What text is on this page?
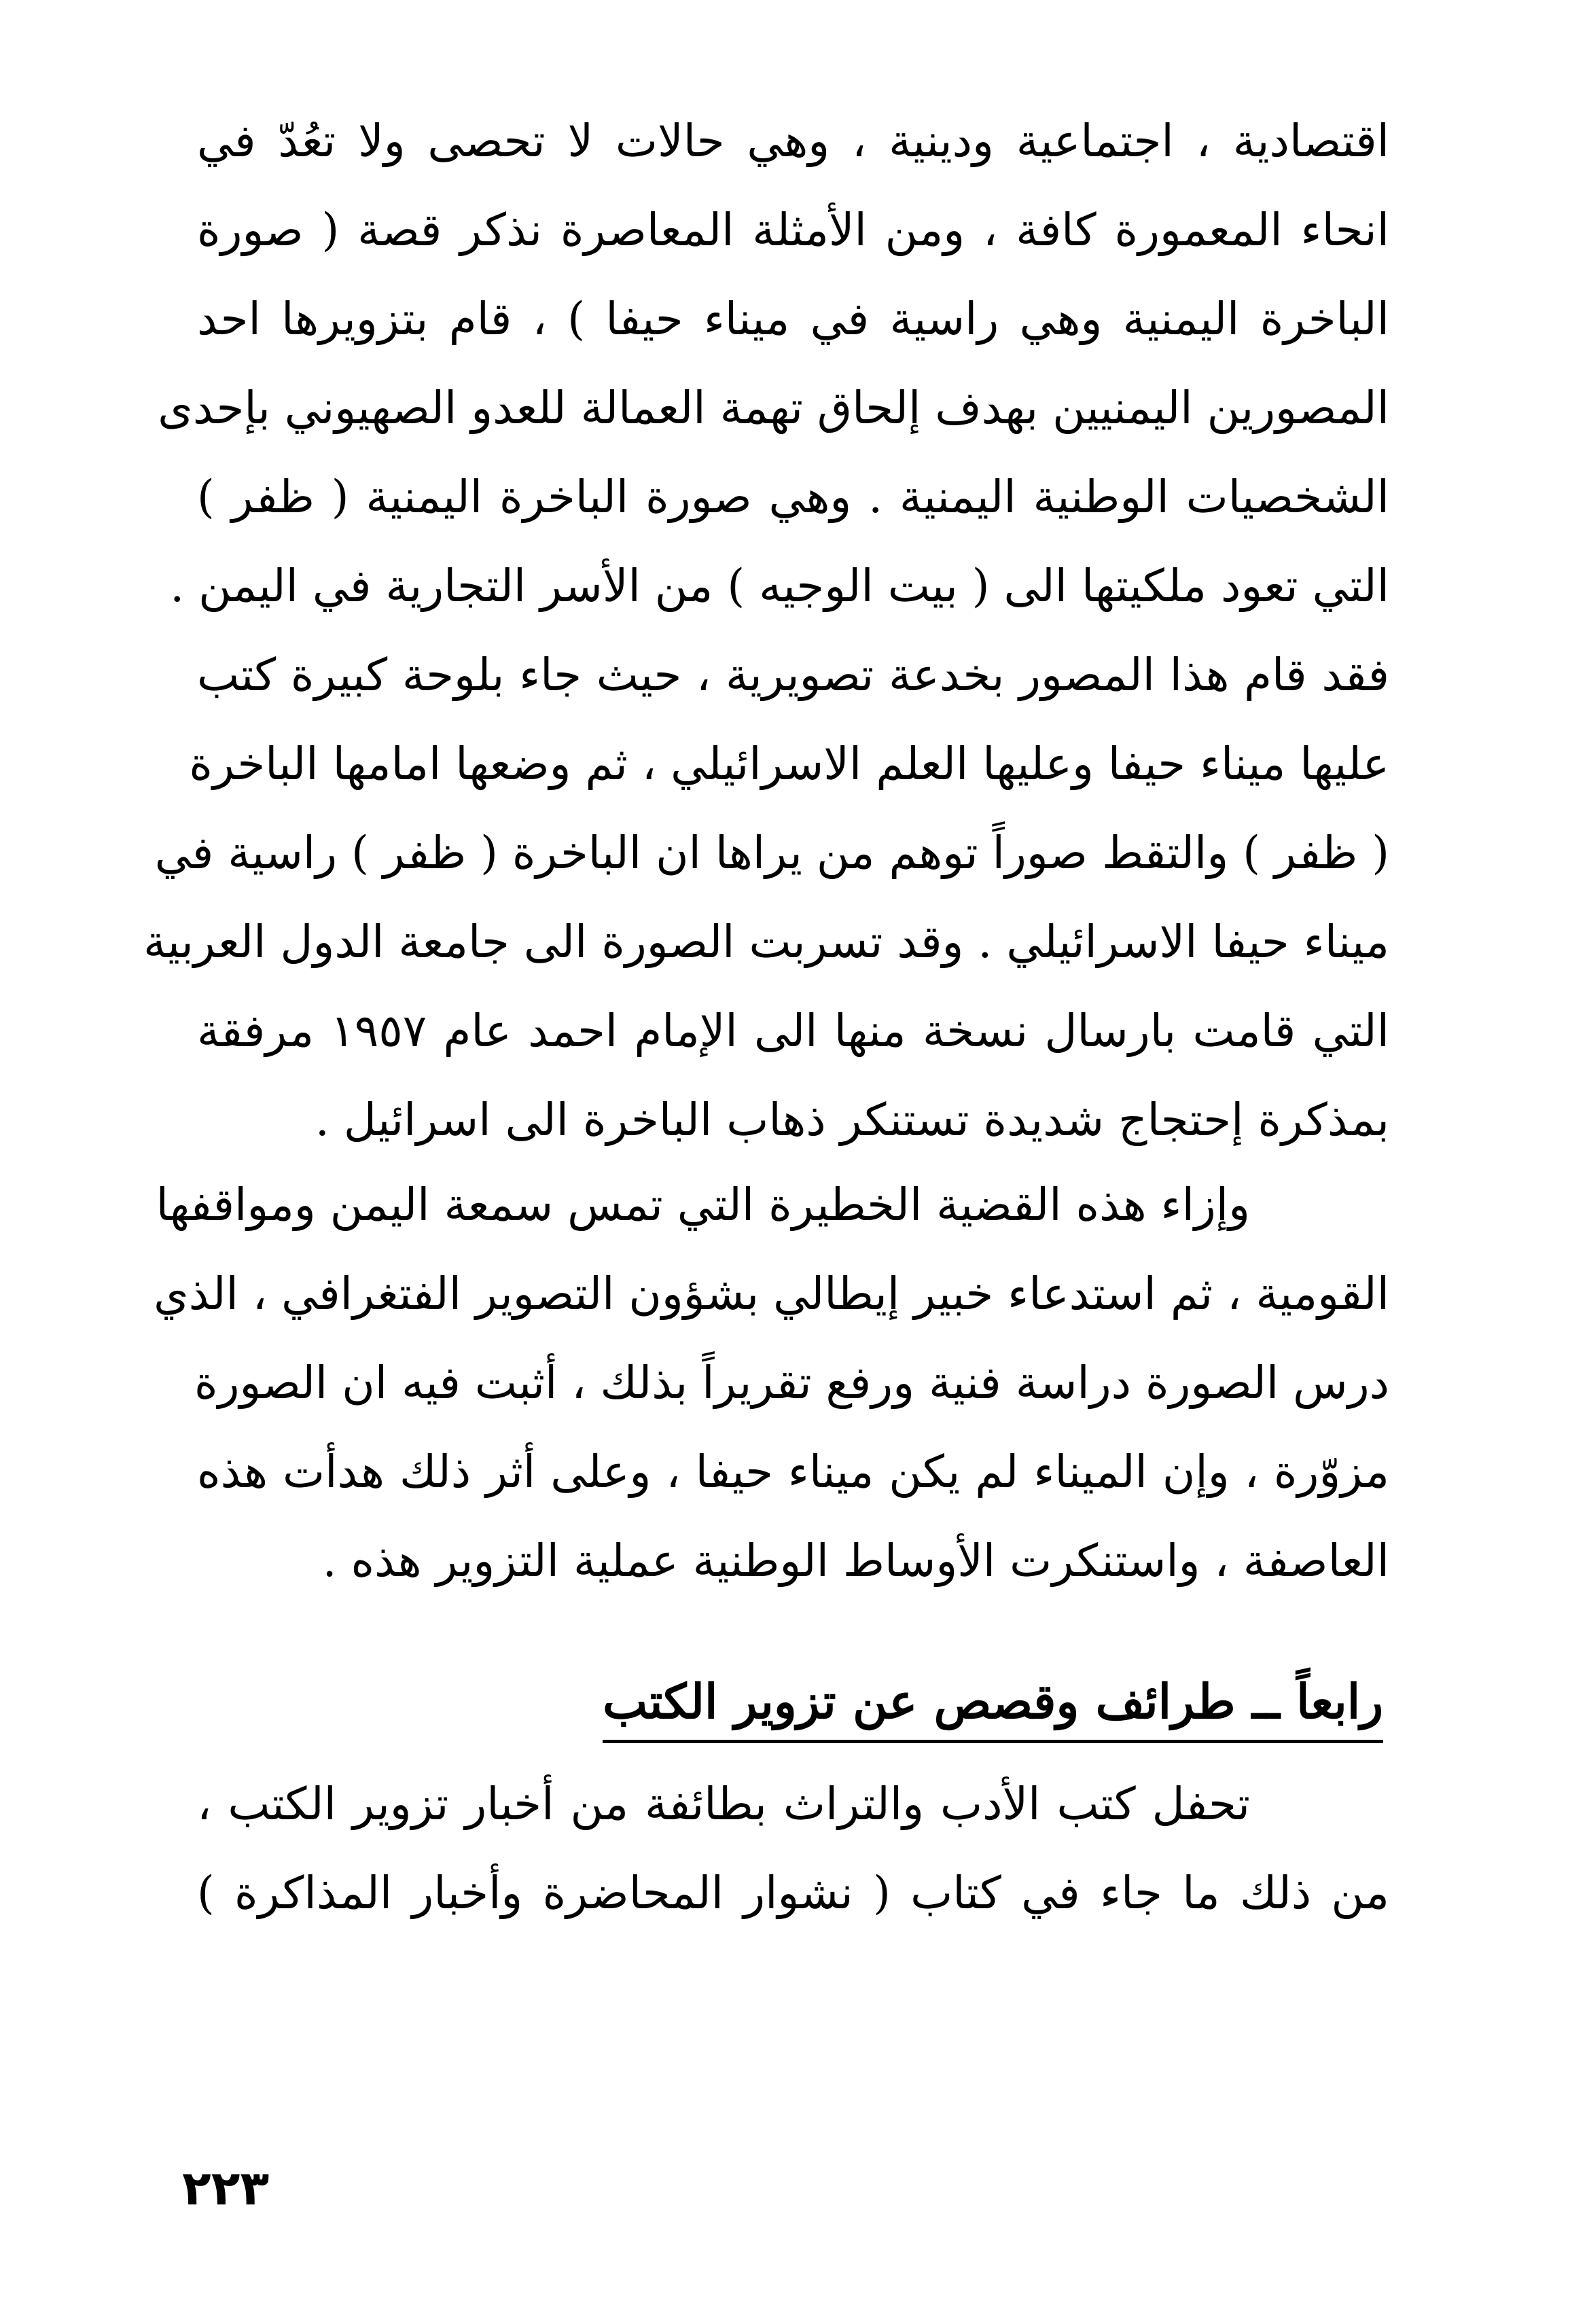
اقتصادية ، اجتماعية ودينية ، وهي حالات لا تحصى ولا تعُدّ في
انحاء المعمورة كافة ، ومن الأمثلة المعاصرة نذكر قصة ( صورة
الباخرة اليمنية وهي راسية في ميناء حيفا ) ، قام بتزويرها احد
المصورين اليمنيين بهدف إلحاق تهمة العمالة للعدو الصهيوني بإحدى
الشخصيات الوطنية اليمنية . وهي صورة الباخرة اليمنية ( ظفر )
التي تعود ملكيتها الى ( بيت الوجيه ) من الأسر التجارية في اليمن .
فقد قام هذا المصور بخدعة تصويرية ، حيث جاء بلوحة كبيرة كتب
عليها ميناء حيفا وعليها العلم الاسرائيلي ، ثم وضعها امامها الباخرة
( ظفر ) والتقط صوراً توهم من يراها ان الباخرة ( ظفر ) راسية في
ميناء حيفا الاسرائيلي . وقد تسربت الصورة الى جامعة الدول العربية
التي قامت بارسال نسخة منها الى الإمام احمد عام ١٩٥٧ مرفقة
بمذكرة إحتجاج شديدة تستنكر ذهاب الباخرة الى اسرائيل .
وإزاء هذه القضية الخطيرة التي تمس سمعة اليمن ومواقفها
القومية ، ثم استدعاء خبير إيطالي بشؤون التصوير الفتغرافي ، الذي
درس الصورة دراسة فنية ورفع تقريراً بذلك ، أثبت فيه ان الصورة
مزوّرة ، وإن الميناء لم يكن ميناء حيفا ، وعلى أثر ذلك هدأت هذه
العاصفة ، واستنكرت الأوساط الوطنية عملية التزوير هذه .
رابعاً ــ طرائف وقصص عن تزوير الكتب
تحفل كتب الأدب والتراث بطائفة من أخبار تزوير الكتب ،
من ذلك ما جاء في كتاب ( نشوار المحاضرة وأخبار المذاكرة )
٢٢٣
